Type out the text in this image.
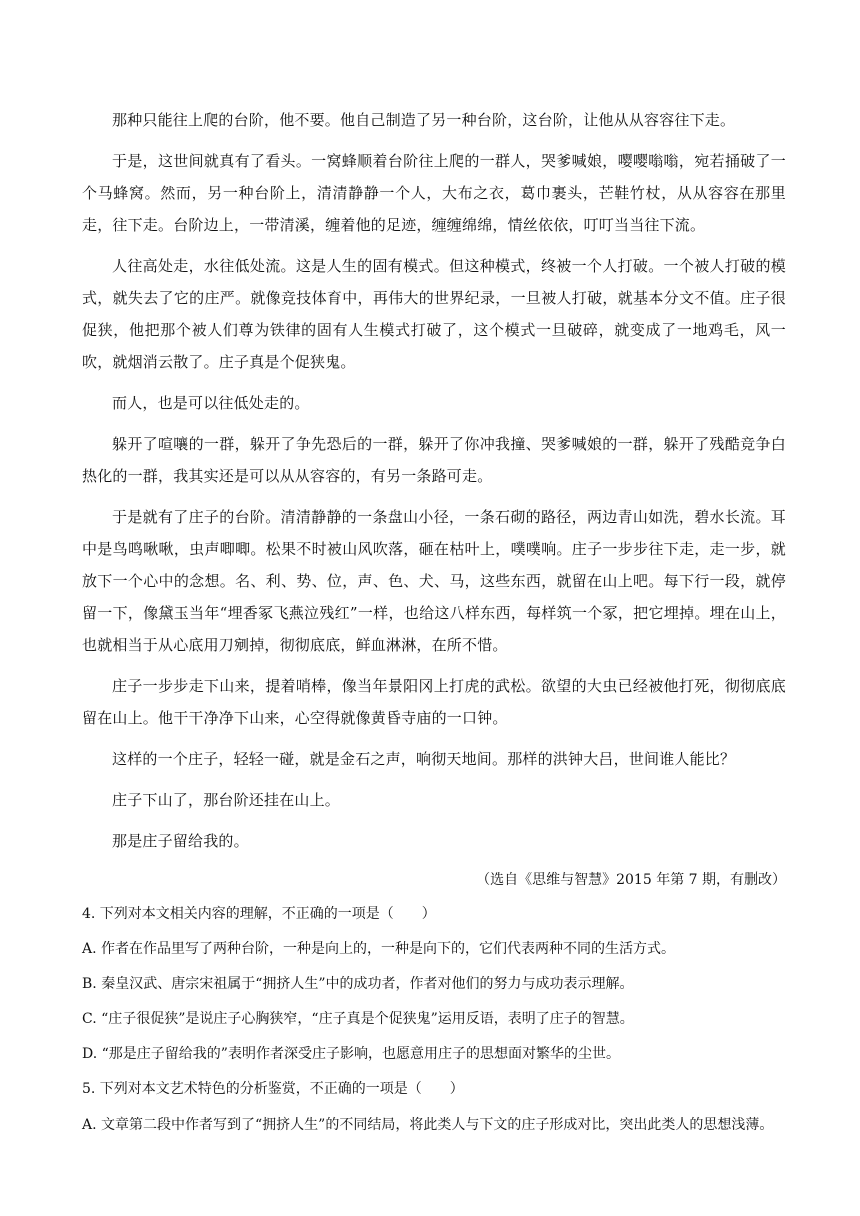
那种只能往上爬的台阶，他不要。他自己制造了另一种台阶，这台阶，让他从从容容往下走。

于是，这世间就真有了看头。一窝蜂顺着台阶往上爬的一群人，哭爹喊娘，嘤嘤嗡嗡，宛若捅破了一个马蜂窝。然而，另一种台阶上，清清静静一个人，大布之衣，葛巾裹头，芒鞋竹杖，从从容容在那里走，往下走。台阶边上，一带清溪，缠着他的足迹，缠缠绵绵，情丝依依，叮叮当当往下流。

人往高处走，水往低处流。这是人生的固有模式。但这种模式，终被一个人打破。一个被人打破的模式，就失去了它的庄严。就像竞技体育中，再伟大的世界纪录，一旦被人打破，就基本分文不值。庄子很促狭，他把那个被人们尊为铁律的固有人生模式打破了，这个模式一旦破碎，就变成了一地鸡毛，风一吹，就烟消云散了。庄子真是个促狭鬼。

而人，也是可以往低处走的。

躲开了喧嚷的一群，躲开了争先恐后的一群，躲开了你冲我撞、哭爹喊娘的一群，躲开了残酷竞争白热化的一群，我其实还是可以从从容容的，有另一条路可走。

于是就有了庄子的台阶。清清静静的一条盘山小径，一条石砌的路径，两边青山如洗，碧水长流。耳中是鸟鸣啾啾，虫声唧唧。松果不时被山风吹落，砸在枯叶上，噗噗响。庄子一步步往下走，走一步，就放下一个心中的念想。名、利、势、位，声、色、犬、马，这些东西，就留在山上吧。每下行一段，就停留一下，像黛玉当年“埋香冢飞燕泣残红”一样，也给这八样东西，每样筑一个冢，把它埋掉。埋在山上，也就相当于从心底用刀剜掉，彻彻底底，鲜血淋淋，在所不惜。

庄子一步步走下山来，提着哨棒，像当年景阳冈上打虎的武松。欲望的大虫已经被他打死，彻彻底底留在山上。他干干净净下山来，心空得就像黄昏寺庙的一口钟。

这样的一个庄子，轻轻一碰，就是金石之声，响彻天地间。那样的洪钟大吕，世间谁人能比？

庄子下山了，那台阶还挂在山上。

那是庄子留给我的。

（选自《思维与智慧》2015 年第 7 期，有删改）

4. 下列对本文相关内容的理解，不正确的一项是（　　）

A. 作者在作品里写了两种台阶，一种是向上的，一种是向下的，它们代表两种不同的生活方式。

B. 秦皇汉武、唐宗宋祖属于“拥挤人生”中的成功者，作者对他们的努力与成功表示理解。

C. “庄子很促狭”是说庄子心胸狭窄，“庄子真是个促狭鬼”运用反语，表明了庄子的智慧。

D. “那是庄子留给我的”表明作者深受庄子影响，也愿意用庄子的思想面对繁华的尘世。

5. 下列对本文艺术特色的分析鉴赏，不正确的一项是（　　）

A. 文章第二段中作者写到了“拥挤人生”的不同结局，将此类人与下文的庄子形成对比，突出此类人的思想浅薄。
